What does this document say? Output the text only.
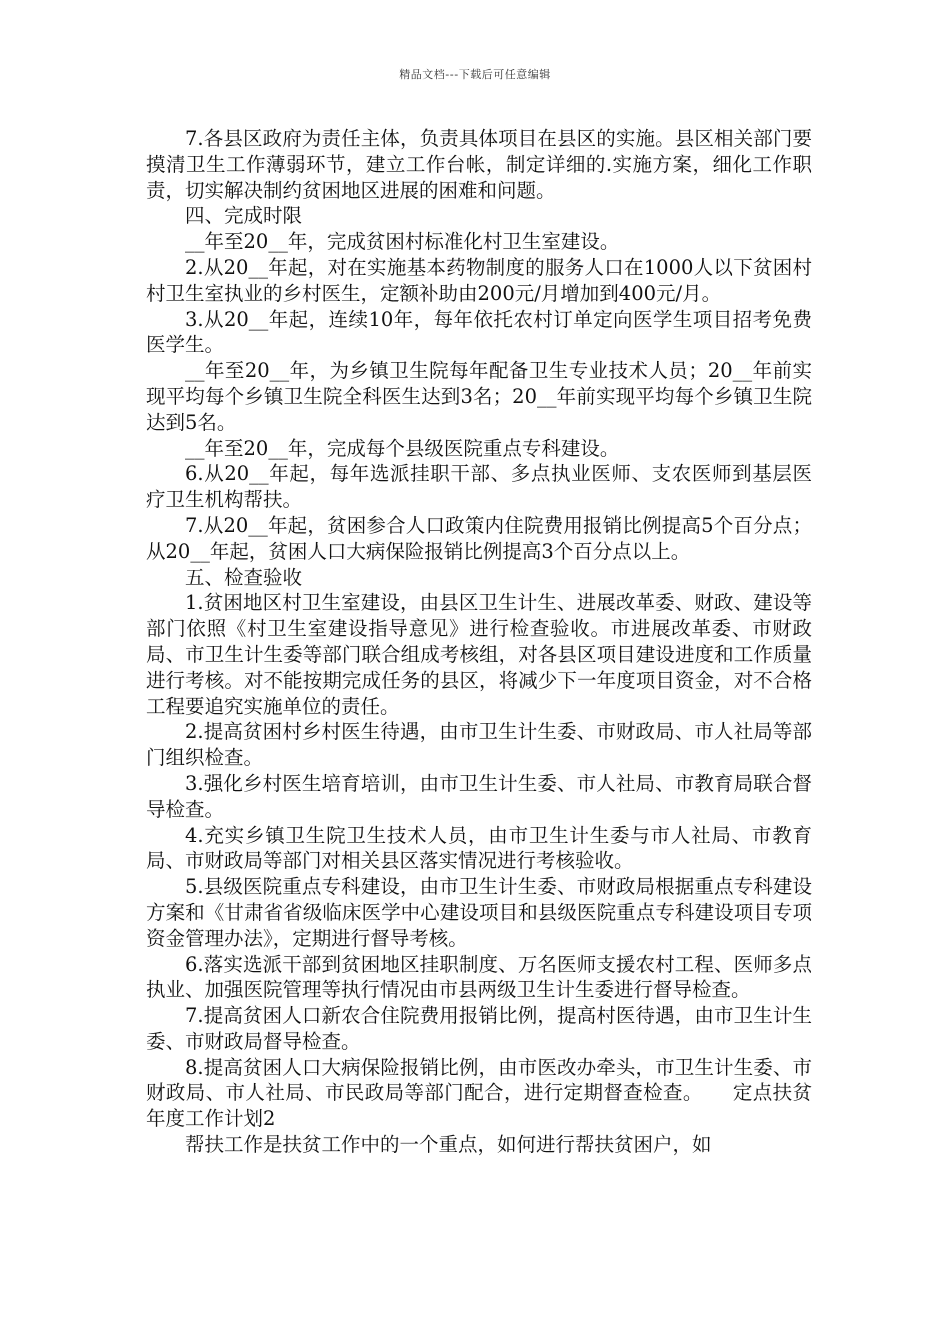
精品文档---下载后可任意编辑

7.各县区政府为责任主体，负责具体项目在县区的实施。县区相关部门要摸清卫生工作薄弱环节，建立工作台帐，制定详细的.实施方案，细化工作职责，切实解决制约贫困地区进展的困难和问题。

四、完成时限

__年至20__年，完成贫困村标准化村卫生室建设。

2.从20__年起，对在实施基本药物制度的服务人口在1000人以下贫困村村卫生室执业的乡村医生，定额补助由200元/月增加到400元/月。

3.从20__年起，连续10年，每年依托农村订单定向医学生项目招考免费医学生。

__年至20__年，为乡镇卫生院每年配备卫生专业技术人员；20__年前实现平均每个乡镇卫生院全科医生达到3名；20__年前实现平均每个乡镇卫生院达到5名。

__年至20__年，完成每个县级医院重点专科建设。

6.从20__年起，每年选派挂职干部、多点执业医师、支农医师到基层医疗卫生机构帮扶。

7.从20__年起，贫困参合人口政策内住院费用报销比例提高5个百分点；从20__年起，贫困人口大病保险报销比例提高3个百分点以上。

五、检查验收

1.贫困地区村卫生室建设，由县区卫生计生、进展改革委、财政、建设等部门依照《村卫生室建设指导意见》进行检查验收。市进展改革委、市财政局、市卫生计生委等部门联合组成考核组，对各县区项目建设进度和工作质量进行考核。对不能按期完成任务的县区，将减少下一年度项目资金，对不合格工程要追究实施单位的责任。

2.提高贫困村乡村医生待遇，由市卫生计生委、市财政局、市人社局等部门组织检查。

3.强化乡村医生培育培训，由市卫生计生委、市人社局、市教育局联合督导检查。

4.充实乡镇卫生院卫生技术人员，由市卫生计生委与市人社局、市教育局、市财政局等部门对相关县区落实情况进行考核验收。

5.县级医院重点专科建设，由市卫生计生委、市财政局根据重点专科建设方案和《甘肃省省级临床医学中心建设项目和县级医院重点专科建设项目专项资金管理办法》，定期进行督导考核。

6.落实选派干部到贫困地区挂职制度、万名医师支援农村工程、医师多点执业、加强医院管理等执行情况由市县两级卫生计生委进行督导检查。

7.提高贫困人口新农合住院费用报销比例，提高村医待遇，由市卫生计生委、市财政局督导检查。

8.提高贫困人口大病保险报销比例，由市医改办牵头，市卫生计生委、市财政局、市人社局、市民政局等部门配合，进行定期督查检查。　　定点扶贫年度工作计划2

帮扶工作是扶贫工作中的一个重点，如何进行帮扶贫困户，如
